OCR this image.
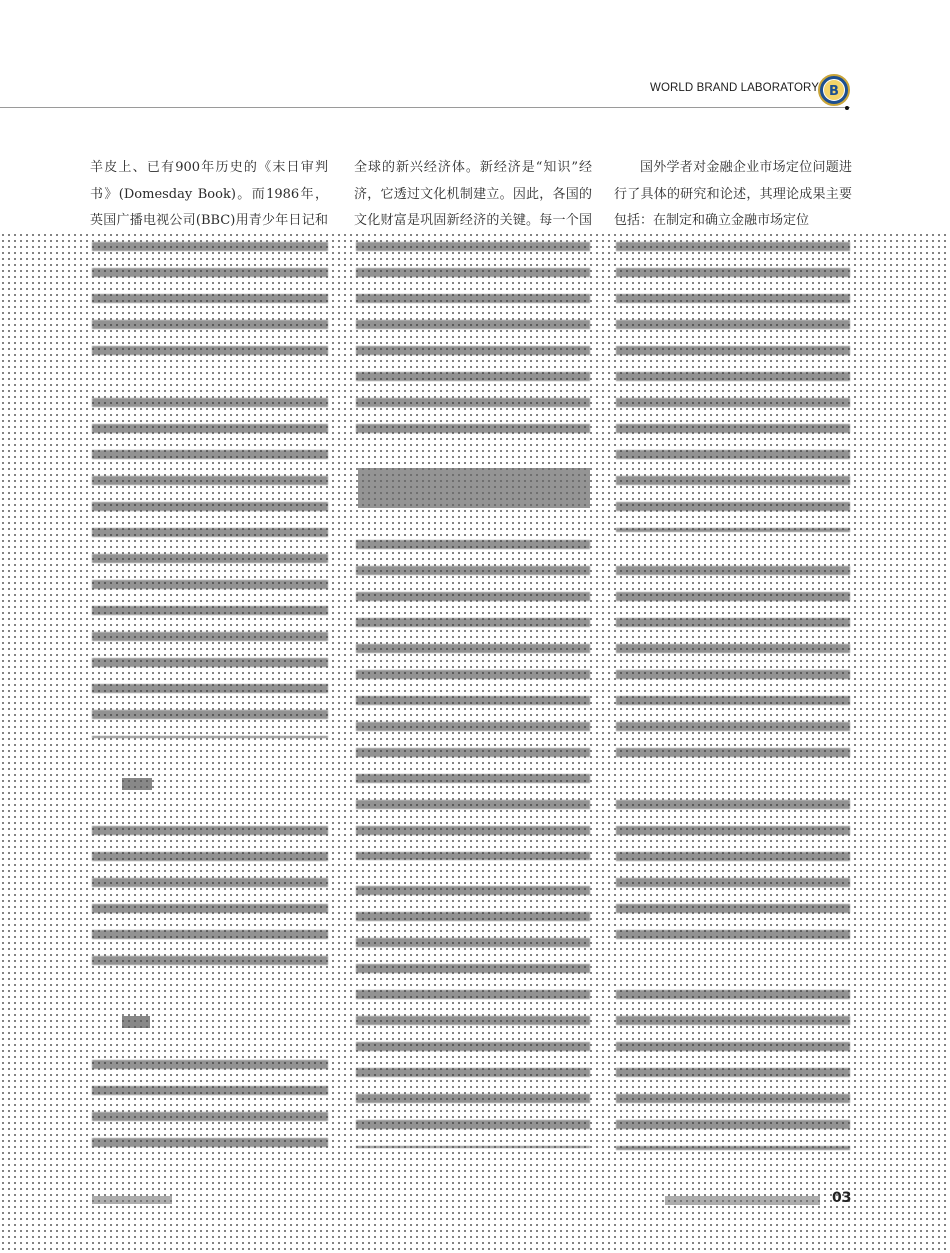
WORLD BRAND LABORATORY B

羊皮上、已有900年历史的《末日审判书》(Domesday Book)。而1986年，英国广播电视公司(BBC)用青少年日记和

全球的新兴经济体。新经济是“知识”经济，它透过文化机制建立。因此，各国的文化财富是巩固新经济的关键。每一个国

国外学者对金融企业市场定位问题进行了具体的研究和论述，其理论成果主要包括：在制定和确立金融市场定位

03
